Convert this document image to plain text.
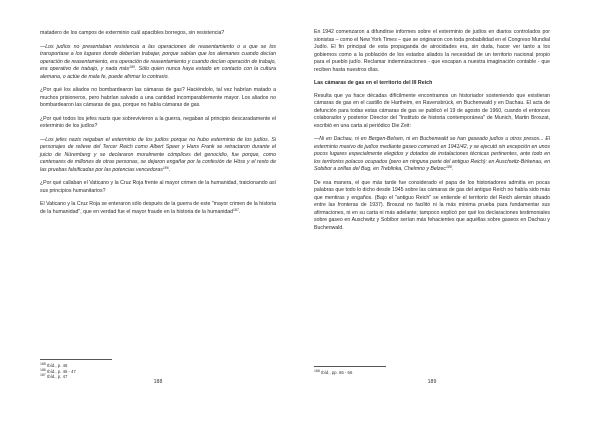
matadero de los campos de exterminio cuál apacibles borregos, sin resistencia?

—Los judíos no presentaban resistencia a las operaciones de reasentamiento o a que se los transportase a los lugares donde deberían trabajar, porque sabían que los alemanes cuando decían operación de reasentamiento, era operación de reasentamiento y cuando decían operación de trabajo, era operativo de trabajo, y nada más$^{185}$. Sólo quien nunca haya estado en contacto con la cultura alemana, o actúe de mala fe, puede afirmar lo contrario.

¿Por qué los aliados no bombardearon las cámaras de gas? Haciéndolo, tal vez habrían matado a muchos prisioneros, pero habrían salvado a una cantidad incomparablemente mayor. Los aliados no bombardearon las cámaras de gas, porque no había cámaras de gas.

¿Por qué todos los jefes nazis que sobrevivieron a la guerra, negaban al principio descaradamente el exterminio de los judíos?

—Los jefes nazis negaban el exterminio de los judíos porque no hubo exterminio de los judíos. Si personajes de relieve del Tercer Reich como Albert Speer y Hans Frank se retractaron durante el juicio de Núremberg y se declararon moralmente cómplices del genocidio, fue porque, como centenares de millones de otras personas, se dejaron engañar por la confesión de Höss y el resto de las pruebas falsificadas por las potencias vencedoras$^{186}$.

¿Por qué callaban el Vaticano y la Cruz Roja frente al mayor crimen de la humanidad, traicionando así sus principios humanitarios?

El Vaticano y la Cruz Roja se enteraron sólo después de la guerra de este "mayor crimen de la historia de la humanidad", que en verdad fue el mayor fraude en la historia de la humanidad$^{187}$.

$^{185}$ Ibíd., p. 46
$^{186}$ Ibíd., p. 46 - 47
$^{187}$ Ibíd., p. 47
188

En 1942 comenzaron a difundirse informes sobre el exterminio de judíos en diarios controlados por sionistas – como el New York Times – que se originaron con toda probabilidad en el Congreso Mundial Judío. El fin principal de esta propaganda de atrocidades era, sin duda, hacer ver tanto a los gobiernos como a la población de los estados aliados la necesidad de un territorio nacional propio para el pueblo judío. Reclamar indemnizaciones - que escapan a nuestra imaginación contable - que reciben hasta nuestros días.

Las cámaras de gas en el territorio del III Reich

Resulta que ya hace décadas difícilmente encontramos un historiador sosteniendo que existieran cámaras de gas en el castillo de Hartheim, en Ravensbrück, en Buchenwald y en Dachau. El acta de defunción para todas estas cámaras de gas se publicó el 19 de agosto de 1960, cuando el entonces colaborador y posterior Director del "Instituto de historia contemporánea" de Munich, Martin Broszat, escribió en una carta al periódico Die Zeit:

—Ni en Dachau, ni en Bergen-Belsen, ni en Buchenwald se han gaseado judíos u otros presos... El exterminio masivo de judíos mediante gaseo comenzó en 1941/42, y se ejecutó sin excepción en unos pocos lugares especialmente elegidos y dotados de instalaciones técnicas pertinentes, ante todo en los territorios polacos ocupados (pero en ninguna parte del antiguo Reich): en Auschwitz-Birkenau, en Sobibor a orillas del Bug, en Treblinka, Chelmno y Belzec$^{188}$.

De esa manera, el que más tarde fue considerado el papa de los historiadores admitía en pocas palabras que todo lo dicho desde 1945 sobre las cámaras de gas del antiguo Reich no había sido más que mentiras y engaños. (Bajo el "antiguo Reich" se entiende el territorio del Reich alemán situado entre las fronteras de 1937). Broszat no facilitó ni la más mínima prueba para fundamentar sus afirmaciones, ni en su carta ni más adelante; tampoco explicó por qué los declaraciones testimoniales sobre gaseo en Auschwitz y Sobibor serían más fehacientes que aquéllas sobre gaseos en Dachau y Buchenwald.

$^{188}$ Ibíd., pp. 65 - 66
189
